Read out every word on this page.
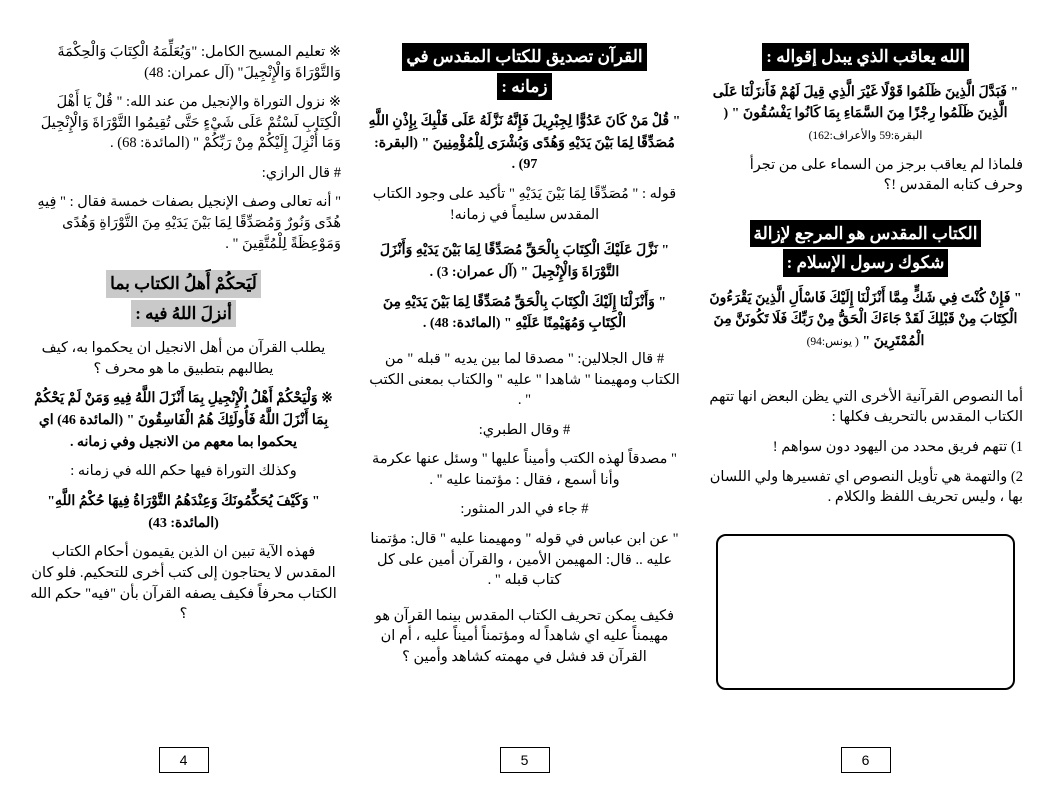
الله يعاقب الذي يبدل إقواله :

" فَبَدَّلَ الَّذِينَ ظَلَمُوا قَوْلًا غَيْرَ الَّذِي قِيلَ لَهُمْ فَأَنزَلْنَا عَلَى الَّذِينَ ظَلَمُوا رِجْزًا مِنَ السَّمَاءِ بِمَا كَانُوا يَفْسُقُونَ " ( البقرة:59 والأعراف:162)

فلماذا لم يعاقب برجز من السماء على من تجرأ وحرف كتابه المقدس !؟

الكتاب المقدس هو المرجع لإزالة
شكوك رسول الإسلام :

" فَإِنْ كُنْتَ فِي شَكٍّ مِمَّا أَنْزَلْنَا إِلَيْكَ فَاسْأَلِ الَّذِينَ يَقْرَءُونَ الْكِتَابَ مِنْ قَبْلِكَ لَقَدْ جَاءَكَ الْحَقُّ مِنْ رَبِّكَ فَلَا تَكُونَنَّ مِنَ الْمُمْتَرِينَ " ( يونس:94)

أما النصوص القرآنية الأخرى التي يظن البعض انها تتهم الكتاب المقدس بالتحريف فكلها :

1) تتهم فريق محدد من اليهود دون سواهم !

2) والتهمة هي تأويل النصوص اي تفسيرها ولي اللسان بها ، وليس تحريف اللفظ والكلام .

6
القرآن تصديق للكتاب المقدس في
زمانه :

" قُلْ مَنْ كَانَ عَدُوًّا لِجِبْرِيلَ فَإِنَّهُ نَزَّلَهُ عَلَى قَلْبِكَ بِإِذْنِ اللَّهِ مُصَدِّقًا لِمَا بَيْنَ يَدَيْهِ وَهُدًى وَبُشْرَى لِلْمُؤْمِنِينَ " (البقرة: 97) .

قوله : " مُصَدِّقًا لِمَا بَيْنَ يَدَيْهِ " تأكيد على وجود الكتاب المقدس سليماً في زمانه!

" نَزَّلَ عَلَيْكَ الْكِتَابَ بِالْحَقِّ مُصَدِّقًا لِمَا بَيْنَ يَدَيْهِ وَأَنْزَلَ التَّوْرَاةَ وَالْإِنْجِيلَ " (آل عمران: 3) .

" وَأَنْزَلْنَا إِلَيْكَ الْكِتَابَ بِالْحَقِّ مُصَدِّقًا لِمَا بَيْنَ يَدَيْهِ مِنَ الْكِتَابِ وَمُهَيْمِنًا عَلَيْهِ " (المائدة: 48) .

# قال الجلالين: " مصدقا لما بين يديه " قبله " من الكتاب ومهيمنا " شاهدا " عليه " والكتاب بمعنى الكتب " .

# وقال الطبري:

" مصدقاً لهذه الكتب وأميناً عليها " وسئل عنها عكرمة وأنا أسمع ، فقال : مؤتمنا عليه " .

# جاء في الدر المنثور:

" عن ابن عباس في قوله " ومهيمنا عليه " قال: مؤتمنا عليه .. قال: المهيمن الأمين ، والقرآن أمين على كل كتاب قبله " .

فكيف يمكن تحريف الكتاب المقدس بينما القرآن هو مهيمناً عليه اي شاهداً له ومؤتمناً أميناً عليه ، أم ان القرآن قد فشل في مهمته كشاهد وأمين ؟

5

※ تعليم المسيح الكامل: "وَيُعَلِّمَهُ الْكِتَابَ وَالْحِكْمَةَ وَالتَّوْرَاةَ وَالْإِنْجِيلَ" (آل عمران: 48)

※ نزول التوراة والإنجيل من عند الله: " قُلْ يَا أَهْلَ الْكِتَابِ لَسْتُمْ عَلَى شَيْءٍ حَتَّى تُقِيمُوا التَّوْرَاةَ وَالْإِنْجِيلَ وَمَا أُنْزِلَ إِلَيْكُمْ مِنْ رَبِّكُمْ " (المائدة: 68) .

# قال الرازي:

" أنه تعالى وصف الإنجيل بصفات خمسة فقال : " فِيهِ هُدًى وَنُورٌ وَمُصَدِّقًا لِمَا بَيْنَ يَدَيْهِ مِنَ التَّوْرَاةِ وَهُدًى وَمَوْعِظَةً لِلْمُتَّقِينَ " .

لَيَحكُمْ أَهلُ الكتاب بما
أنزلَ اللهُ فيه :

يطلب القرآن من أهل الانجيل ان يحكموا به، كيف يطالبهم بتطبيق ما هو محرف ؟

※ وَلْيَحْكُمْ أَهْلُ الْإِنْجِيلِ بِمَا أَنْزَلَ اللَّهُ فِيهِ وَمَنْ لَمْ يَحْكُمْ بِمَا أَنْزَلَ اللَّهُ فَأُولَئِكَ هُمُ الْفَاسِقُونَ " (المائدة 46) اي يحكموا بما معهم من الانجيل وفي زمانه .

وكذلك التوراة فيها حكم الله في زمانه :

" وَكَيْفَ يُحَكِّمُونَكَ وَعِنْدَهُمُ التَّوْرَاةُ فِيهَا حُكْمُ اللَّهِ" (المائدة: 43)

فهذه الآية تبين ان الذين يقيمون أحكام الكتاب المقدس لا يحتاجون إلى كتب أخرى للتحكيم. فلو كان الكتاب محرفاً فكيف يصفه القرآن بأن "فيه" حكم الله ؟

4
